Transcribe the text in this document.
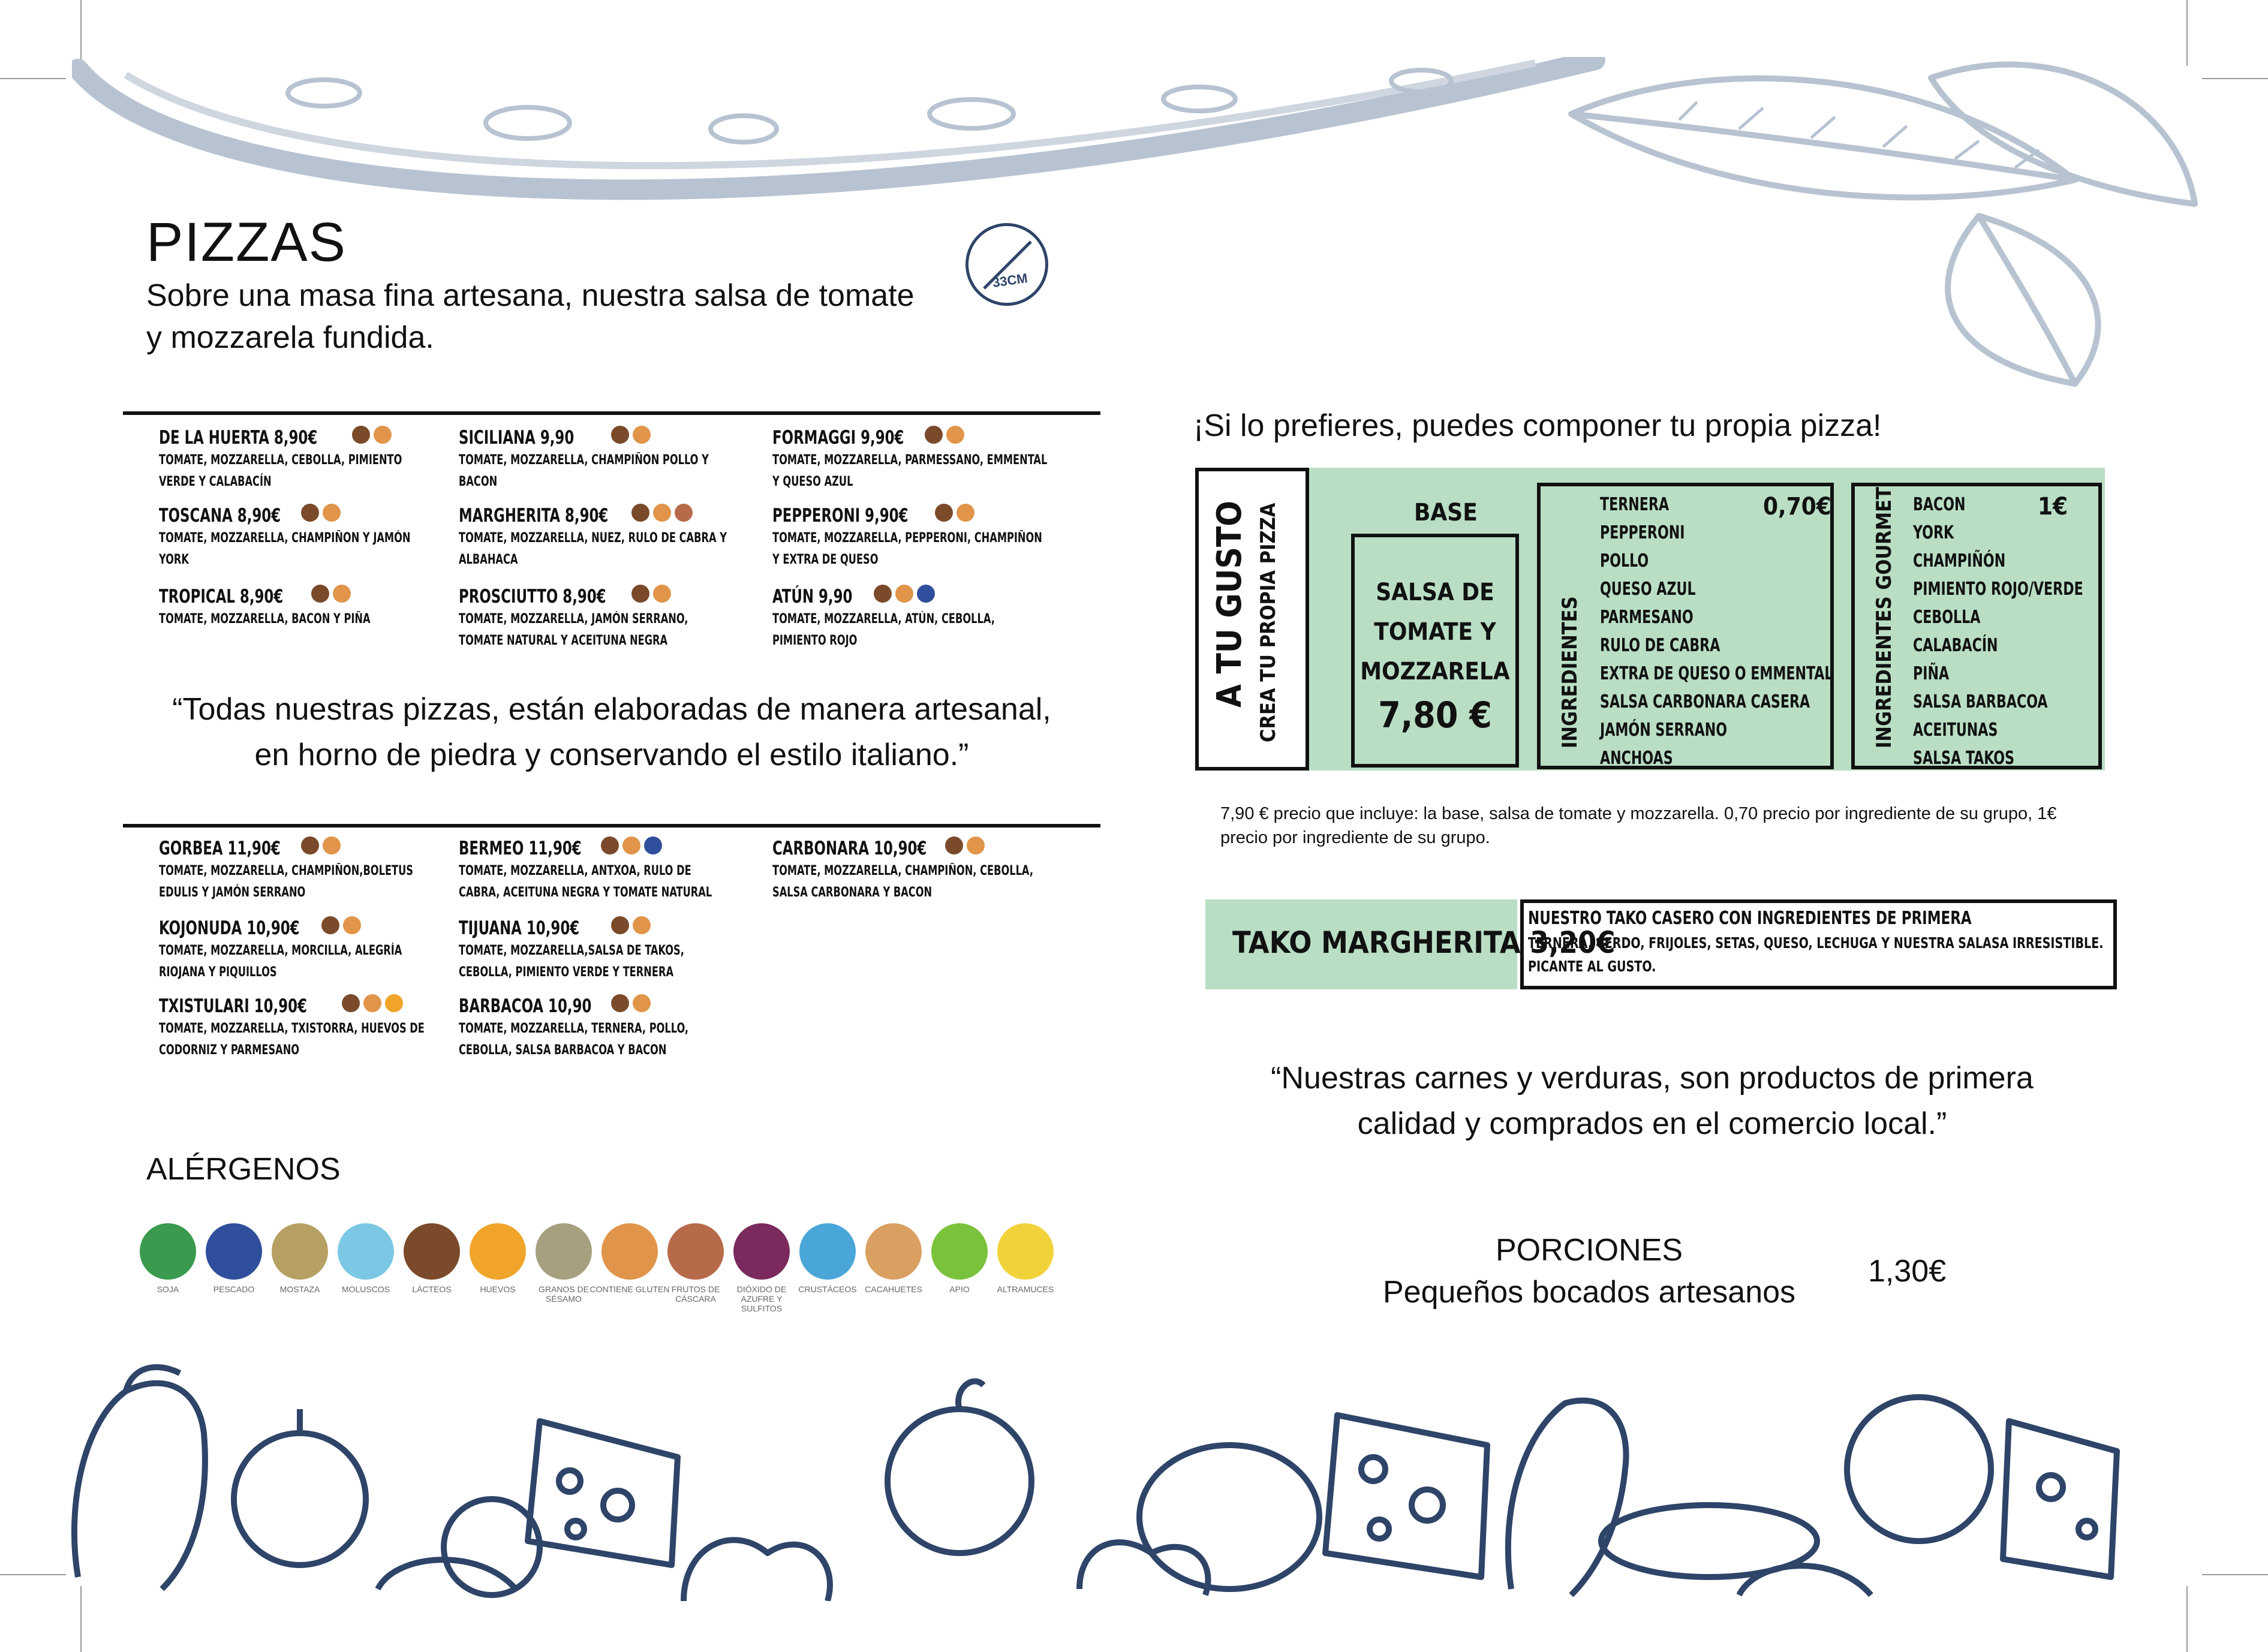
PIZZAS
Sobre una masa fina artesana, nuestra salsa de tomate
y mozzarela fundida.
33CM
DE LA HUERTA 8,90€
TOMATE, MOZZARELLA, CEBOLLA, PIMIENTO VERDE Y CALABACÍN
TOSCANA 8,90€
TOMATE, MOZZARELLA, CHAMPIÑON Y JAMÓN YORK
TROPICAL 8,90€
TOMATE, MOZZARELLA, BACON Y PIÑA
SICILIANA 9,90
TOMATE, MOZZARELLA, CHAMPIÑON POLLO Y BACON
MARGHERITA 8,90€
TOMATE, MOZZARELLA, NUEZ, RULO DE CABRA Y ALBAHACA
PROSCIUTTO 8,90€
TOMATE, MOZZARELLA, JAMÓN SERRANO, TOMATE NATURAL Y ACEITUNA NEGRA
FORMAGGI 9,90€
TOMATE, MOZZARELLA, PARMESSANO, EMMENTAL Y QUESO AZUL
PEPPERONI 9,90€
TOMATE, MOZZARELLA, PEPPERONI, CHAMPIÑON Y EXTRA DE QUESO
ATÚN 9,90
TOMATE, MOZZARELLA, ATÚN, CEBOLLA, PIMIENTO ROJO
“Todas nuestras pizzas, están elaboradas de manera artesanal,
en horno de piedra y conservando el estilo italiano.”
GORBEA 11,90€
TOMATE, MOZZARELLA, CHAMPIÑON,BOLETUS EDULIS Y JAMÓN SERRANO
KOJONUDA 10,90€
TOMATE, MOZZARELLA, MORCILLA, ALEGRÍA RIOJANA Y PIQUILLOS
TXISTULARI 10,90€
TOMATE, MOZZARELLA, TXISTORRA, HUEVOS DE CODORNIZ Y PARMESANO
BERMEO 11,90€
TOMATE, MOZZARELLA, ANTXOA, RULO DE CABRA, ACEITUNA NEGRA Y TOMATE NATURAL
TIJUANA 10,90€
TOMATE, MOZZARELLA,SALSA DE TAKOS, CEBOLLA, PIMIENTO VERDE Y TERNERA
BARBACOA 10,90
TOMATE, MOZZARELLA, TERNERA, POLLO, CEBOLLA, SALSA BARBACOA Y BACON
CARBONARA 10,90€
TOMATE, MOZZARELLA, CHAMPIÑON, CEBOLLA, SALSA CARBONARA Y BACON
ALÉRGENOS
SOJA	PESCADO	MOSTAZA	MOLUSCOS	LÁCTEOS	HUEVOS	GRANOS DE SÉSAMO
CONTIENE GLUTEN FRUTOS DE CÁSCARA
DIÓXIDO DE AZUFRE Y SULFITOS
CRUSTÁCEOS CACAHUETES	APIO	ALTRAMUCES
¡Si lo prefieres, puedes componer tu propia pizza!
A TU GUSTO CREA TU PROPIA PIZZA	BASE
SALSA DE
TOMATE Y
MOZZARELA
7,80 €	INGREDIENTES
0,70€
TERNERA
PEPPERONI
POLLO
QUESO AZUL
PARMESANO
RULO DE CABRA
EXTRA DE QUESO O EMMENTAL
SALSA CARBONARA CASERA
JAMÓN SERRANO
ANCHOAS
INGREDIENTES GOURMET	1€
BACON
YORK
CHAMPIÑÓN
PIMIENTO ROJO/VERDE
CEBOLLA
CALABACÍN
PIÑA
SALSA BARBACOA
ACEITUNAS
SALSA TAKOS
7,90 € precio que incluye: la base, salsa de tomate y mozzarella. 0,70 precio por ingrediente de su grupo, 1€
precio por ingrediente de su grupo.
TAKO MARGHERITA 3,20€
NUESTRO TAKO CASERO CON INGREDIENTES DE PRIMERA
TERNERA, CERDO, FRIJOLES, SETAS, QUESO, LECHUGA Y NUESTRA SALASA IRRESISTIBLE.
PICANTE AL GUSTO.
“Nuestras carnes y verduras, son productos de primera
calidad y comprados en el comercio local.”
PORCIONES
Pequeños bocados artesanos
1,30€
